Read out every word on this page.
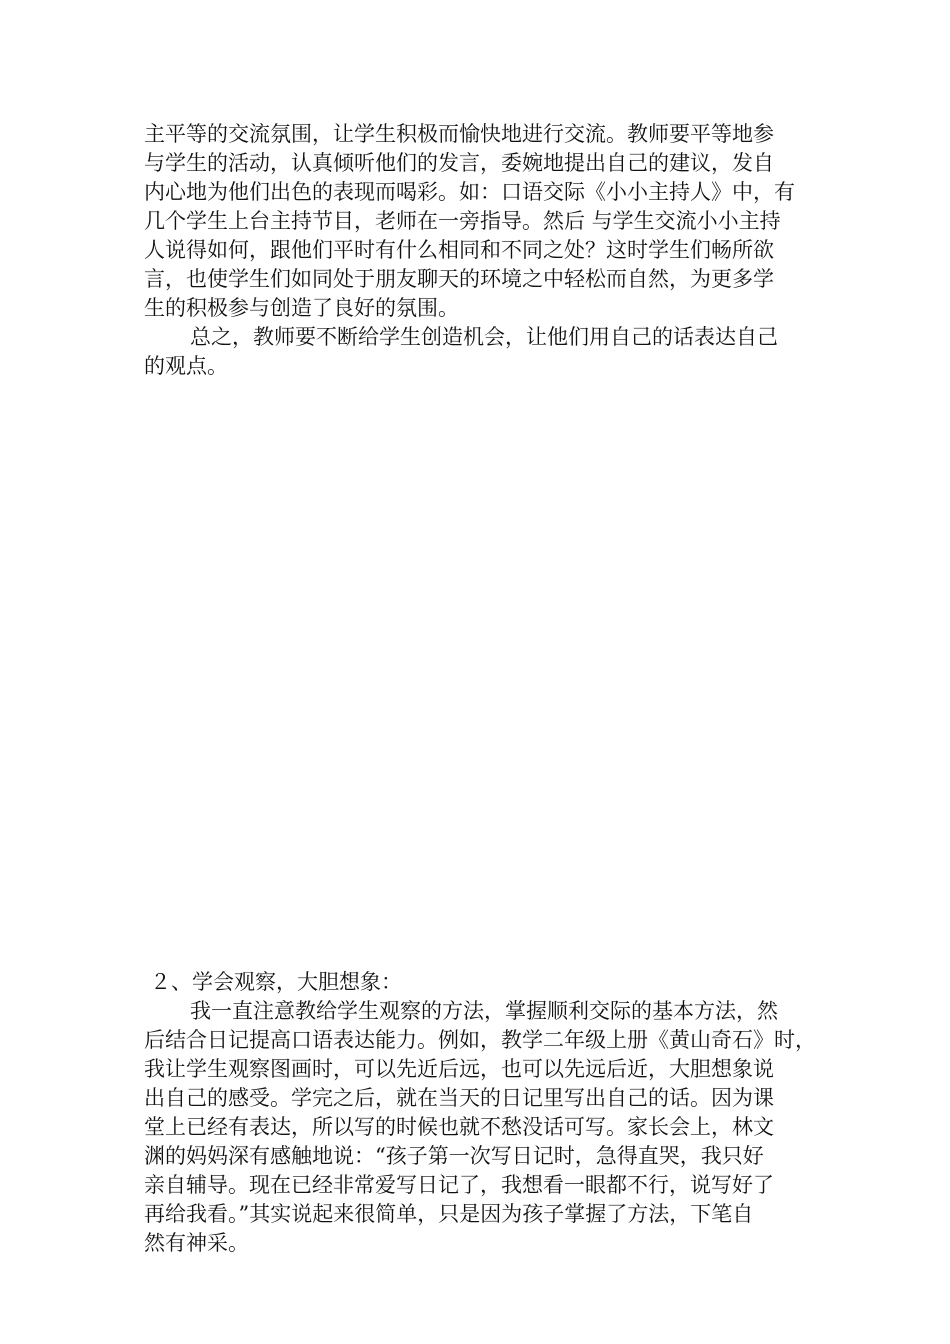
主平等的交流氛围，让学生积极而愉快地进行交流。教师要平等地参
与学生的活动，认真倾听他们的发言，委婉地提出自己的建议，发自
内心地为他们出色的表现而喝彩。如：口语交际《小小主持人》中，有
几个学生上台主持节目，老师在一旁指导。然后 与学生交流小小主持
人说得如何，跟他们平时有什么相同和不同之处？这时学生们畅所欲
言，也使学生们如同处于朋友聊天的环境之中轻松而自然，为更多学
生的积极参与创造了良好的氛围。
总之，教师要不断给学生创造机会，让他们用自己的话表达自己
的观点。
２、学会观察，大胆想象：
我一直注意教给学生观察的方法，掌握顺利交际的基本方法，然
后结合日记提高口语表达能力。例如，教学二年级上册《黄山奇石》时，
我让学生观察图画时，可以先近后远，也可以先远后近，大胆想象说
出自己的感受。学完之后，就在当天的日记里写出自己的话。因为课
堂上已经有表达，所以写的时候也就不愁没话可写。家长会上，林文
渊的妈妈深有感触地说：“孩子第一次写日记时，急得直哭，我只好
亲自辅导。现在已经非常爱写日记了，我想看一眼都不行，说写好了
再给我看。”其实说起来很简单，只是因为孩子掌握了方法，下笔自
然有神采。
